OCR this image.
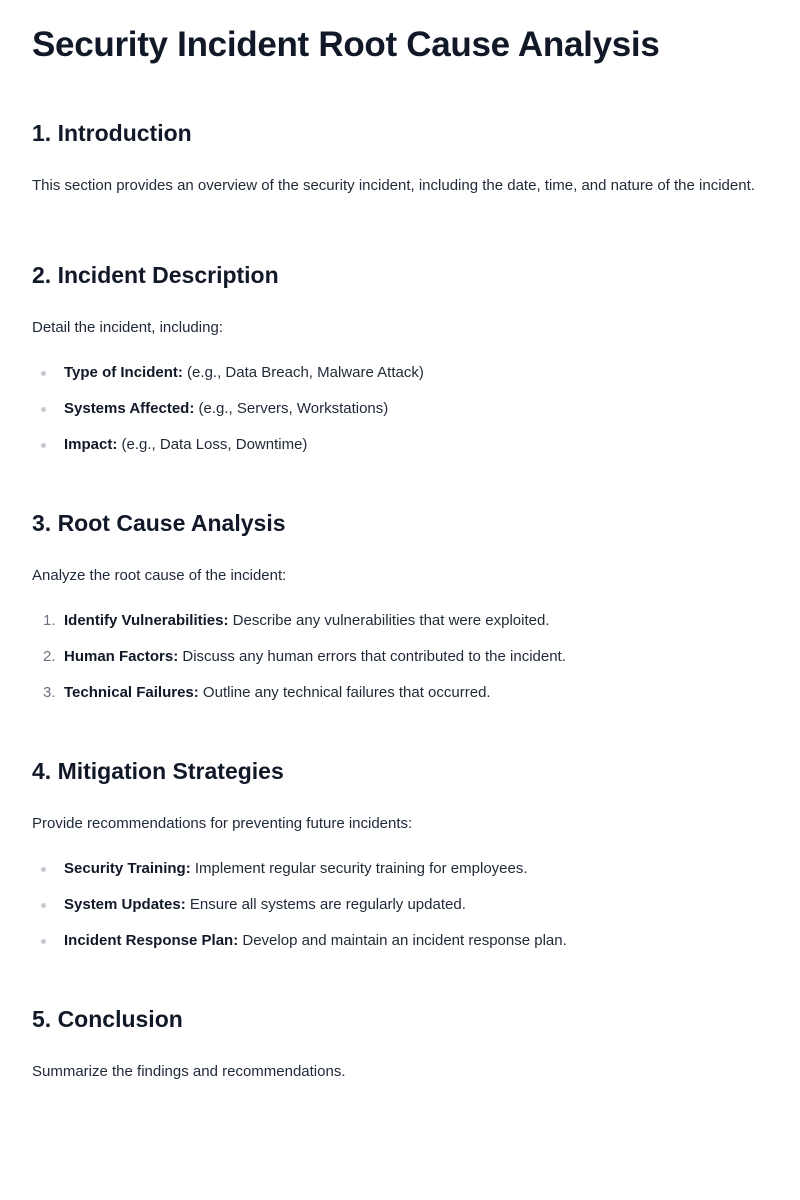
Security Incident Root Cause Analysis
1. Introduction

This section provides an overview of the security incident, including the date, time, and nature of the incident.

2. Incident Description

Detail the incident, including:

Type of Incident: (e.g., Data Breach, Malware Attack)
Systems Affected: (e.g., Servers, Workstations)
Impact: (e.g., Data Loss, Downtime)
3. Root Cause Analysis

Analyze the root cause of the incident:

1. Identify Vulnerabilities: Describe any vulnerabilities that were exploited.
2. Human Factors: Discuss any human errors that contributed to the incident.
3. Technical Failures: Outline any technical failures that occurred.
4. Mitigation Strategies

Provide recommendations for preventing future incidents:

Security Training: Implement regular security training for employees.
System Updates: Ensure all systems are regularly updated.
Incident Response Plan: Develop and maintain an incident response plan.
5. Conclusion

Summarize the findings and recommendations.
